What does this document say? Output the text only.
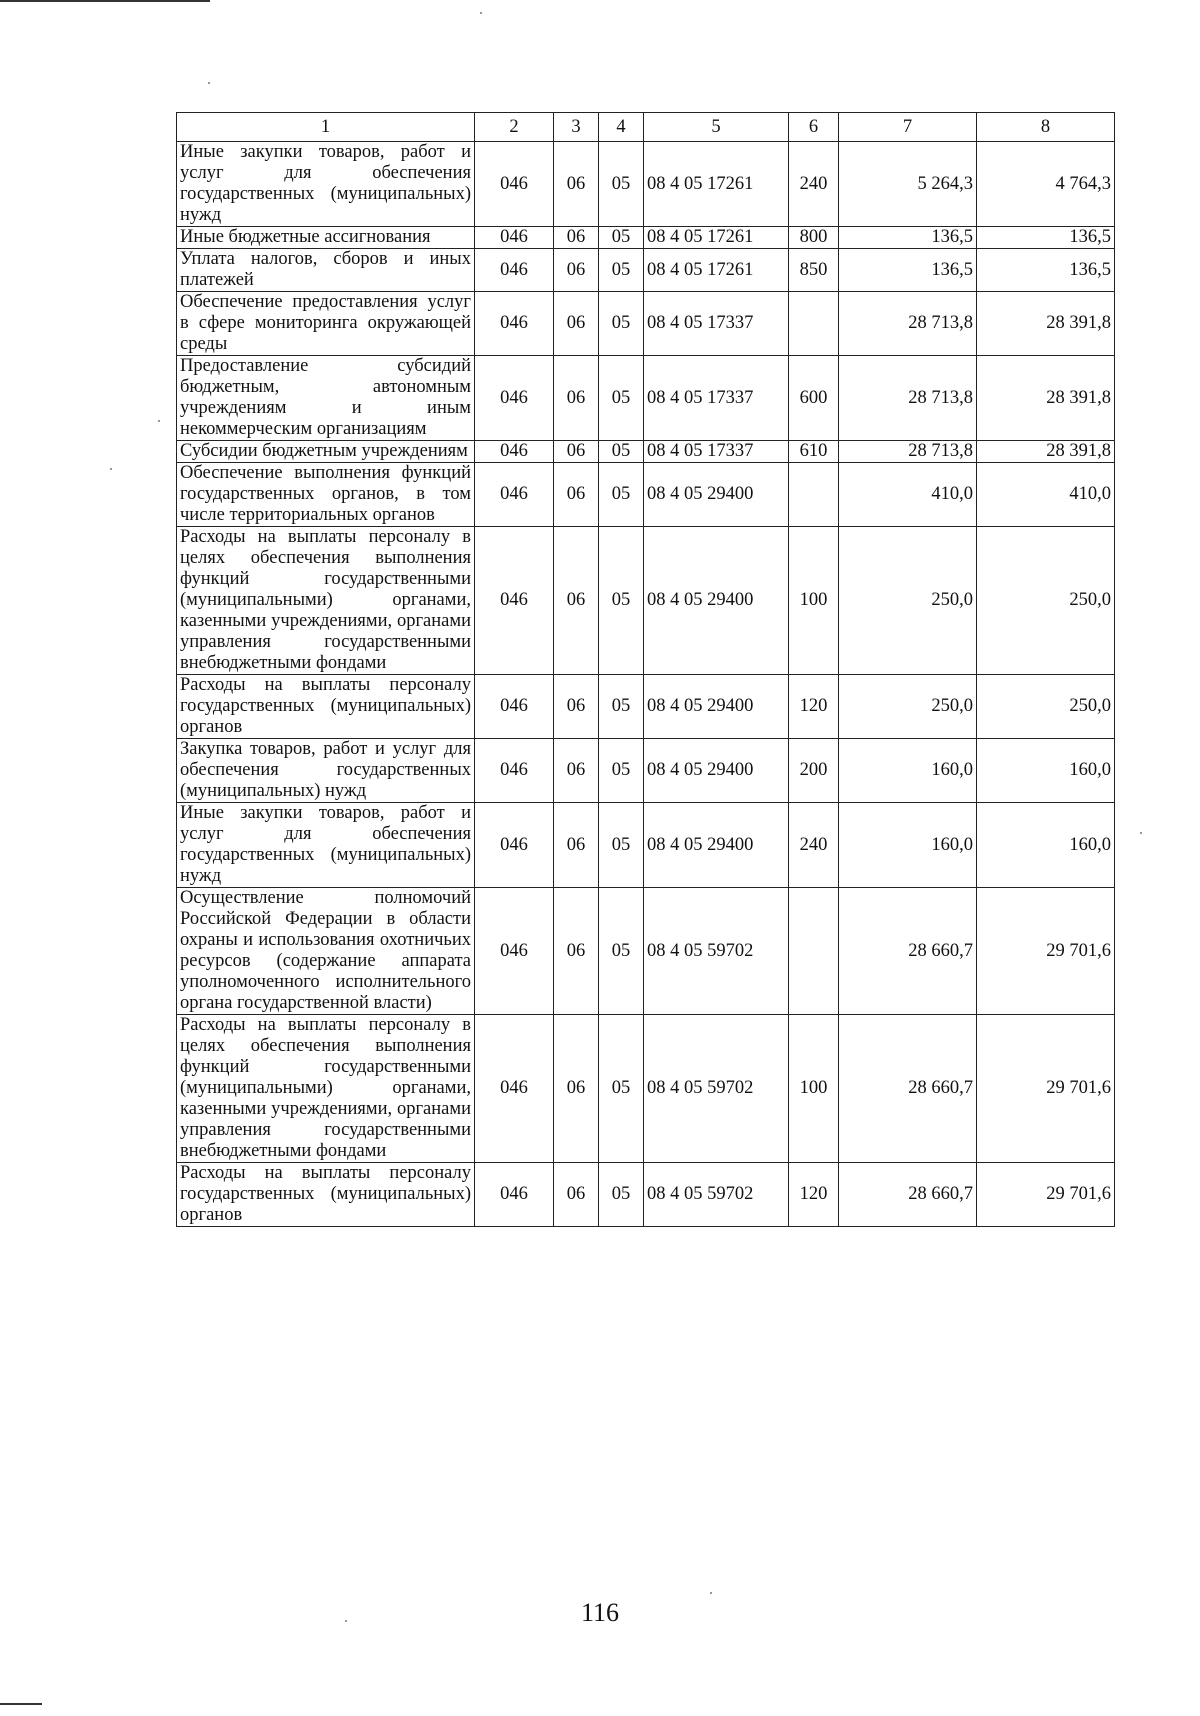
1	2	3	4	5	6	7	8
Иные закупки товаров, работ и услуг для обеспечения государственных (муниципальных) нужд	046	06	05	08 4 05 17261	240	5 264,3	4 764,3
Иные бюджетные ассигнования	046	06	05	08 4 05 17261	800	136,5	136,5
Уплата налогов, сборов и иных платежей	046	06	05	08 4 05 17261	850	136,5	136,5
Обеспечение предоставления услуг в сфере мониторинга окружающей среды	046	06	05	08 4 05 17337		28 713,8	28 391,8
Предоставление субсидий бюджетным, автономным учреждениям и иным некоммерческим организациям	046	06	05	08 4 05 17337	600	28 713,8	28 391,8
Субсидии бюджетным учреждениям	046	06	05	08 4 05 17337	610	28 713,8	28 391,8
Обеспечение выполнения функций государственных органов, в том числе территориальных органов	046	06	05	08 4 05 29400		410,0	410,0
Расходы на выплаты персоналу в целях обеспечения выполнения функций государственными (муниципальными) органами, казенными учреждениями, органами управления государственными внебюджетными фондами	046	06	05	08 4 05 29400	100	250,0	250,0
Расходы на выплаты персоналу государственных (муниципальных) органов	046	06	05	08 4 05 29400	120	250,0	250,0
Закупка товаров, работ и услуг для обеспечения государственных (муниципальных) нужд	046	06	05	08 4 05 29400	200	160,0	160,0
Иные закупки товаров, работ и услуг для обеспечения государственных (муниципальных) нужд	046	06	05	08 4 05 29400	240	160,0	160,0
Осуществление полномочий Российской Федерации в области охраны и использования охотничьих ресурсов (содержание аппарата уполномоченного исполнительного органа государственной власти)	046	06	05	08 4 05 59702		28 660,7	29 701,6
Расходы на выплаты персоналу в целях обеспечения выполнения функций государственными (муниципальными) органами, казенными учреждениями, органами управления государственными внебюджетными фондами	046	06	05	08 4 05 59702	100	28 660,7	29 701,6
Расходы на выплаты персоналу государственных (муниципальных) органов	046	06	05	08 4 05 59702	120	28 660,7	29 701,6
116
